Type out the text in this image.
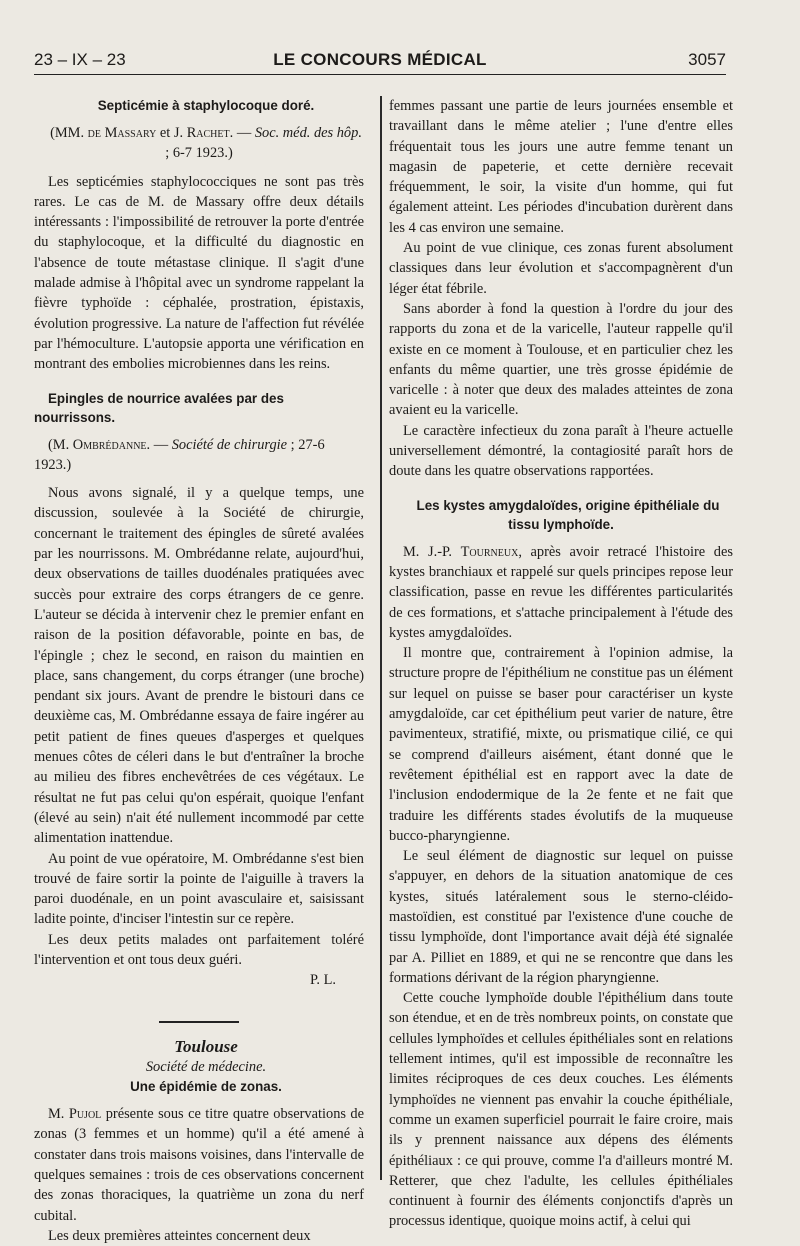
LE CONCOURS MÉDICAL
23 – IX – 23	3057

Septicémie à staphylocoque doré.

(MM. de Massary et J. Rachet. — Soc. méd. des hôp. ; 6-7 1923.)

Les septicémies staphylococciques ne sont pas très rares. Le cas de M. de Massary offre deux détails intéressants : l'impossibilité de retrouver la porte d'entrée du staphylocoque, et la difficulté du diagnostic en l'absence de toute métastase clinique. Il s'agit d'une malade admise à l'hôpital avec un syndrome rappelant la fièvre typhoïde : céphalée, prostration, épistaxis, évolution progressive. La nature de l'affection fut révélée par l'hémoculture. L'autopsie apporta une vérification en montrant des embolies microbiennes dans les reins.

Epingles de nourrice avalées par des nourrissons.

(M. Ombrédanne. — Société de chirurgie ; 27-6 1923.)

Nous avons signalé, il y a quelque temps, une discussion, soulevée à la Société de chirurgie, concernant le traitement des épingles de sûreté avalées par les nourrissons. M. Ombrédanne relate, aujourd'hui, deux observations de tailles duodénales pratiquées avec succès pour extraire des corps étrangers de ce genre. L'auteur se décida à intervenir chez le premier enfant en raison de la position défavorable, pointe en bas, de l'épingle ; chez le second, en raison du maintien en place, sans changement, du corps étranger (une broche) pendant six jours. Avant de prendre le bistouri dans ce deuxième cas, M. Ombrédanne essaya de faire ingérer au petit patient de fines queues d'asperges et quelques menues côtes de céleri dans le but d'entraîner la broche au milieu des fibres enchevêtrées de ces végétaux. Le résultat ne fut pas celui qu'on espérait, quoique l'enfant (élevé au sein) n'ait été nullement incommodé par cette alimentation inattendue.

Au point de vue opératoire, M. Ombrédanne s'est bien trouvé de faire sortir la pointe de l'aiguille à travers la paroi duodénale, en un point avasculaire et, saisissant ladite pointe, d'inciser l'intestin sur ce repère.

Les deux petits malades ont parfaitement toléré l'intervention et ont tous deux guéri.

P. L.

Toulouse

Société de médecine.

Une épidémie de zonas.

M. Pujol présente sous ce titre quatre observations de zonas (3 femmes et un homme) qu'il a été amené à constater dans trois maisons voisines, dans l'intervalle de quelques semaines : trois de ces observations concernent des zonas thoraciques, la quatrième un zona du nerf cubital.

Les deux premières atteintes concernent deux

femmes passant une partie de leurs journées ensemble et travaillant dans le même atelier ; l'une d'entre elles fréquentait tous les jours une autre femme tenant un magasin de papeterie, et cette dernière recevait fréquemment, le soir, la visite d'un homme, qui fut également atteint. Les périodes d'incubation durèrent dans les 4 cas environ une semaine.

Au point de vue clinique, ces zonas furent absolument classiques dans leur évolution et s'accompagnèrent d'un léger état fébrile.

Sans aborder à fond la question à l'ordre du jour des rapports du zona et de la varicelle, l'auteur rappelle qu'il existe en ce moment à Toulouse, et en particulier chez les enfants du même quartier, une très grosse épidémie de varicelle : à noter que deux des malades atteintes de zona avaient eu la varicelle.

Le caractère infectieux du zona paraît à l'heure actuelle universellement démontré, la contagiosité paraît hors de doute dans les quatre observations rapportées.

Les kystes amygdaloïdes, origine épithéliale du tissu lymphoïde.

M. J.-P. Tourneux, après avoir retracé l'histoire des kystes branchiaux et rappelé sur quels principes repose leur classification, passe en revue les différentes particularités de ces formations, et s'attache principalement à l'étude des kystes amygdaloïdes.

Il montre que, contrairement à l'opinion admise, la structure propre de l'épithélium ne constitue pas un élément sur lequel on puisse se baser pour caractériser un kyste amygdaloïde, car cet épithélium peut varier de nature, être pavimenteux, stratifié, mixte, ou prismatique cilié, ce qui se comprend d'ailleurs aisément, étant donné que le revêtement épithélial est en rapport avec la date de l'inclusion endodermique de la 2e fente et ne fait que traduire les différents stades évolutifs de la muqueuse bucco-pharyngienne.

Le seul élément de diagnostic sur lequel on puisse s'appuyer, en dehors de la situation anatomique de ces kystes, situés latéralement sous le sterno-cléido-mastoïdien, est constitué par l'existence d'une couche de tissu lymphoïde, dont l'importance avait déjà été signalée par A. Pilliet en 1889, et qui ne se rencontre que dans les formations dérivant de la région pharyngienne.

Cette couche lymphoïde double l'épithélium dans toute son étendue, et en de très nombreux points, on constate que cellules lymphoïdes et cellules épithéliales sont en relations tellement intimes, qu'il est impossible de reconnaître les limites réciproques de ces deux couches. Les éléments lymphoïdes ne viennent pas envahir la couche épithéliale, comme un examen superficiel pourrait le faire croire, mais ils y prennent naissance aux dépens des éléments épithéliaux : ce qui prouve, comme l'a d'ailleurs montré M. Retterer, que chez l'adulte, les cellules épithéliales continuent à fournir des éléments conjonctifs d'après un processus identique, quoique moins actif, à celui qui
